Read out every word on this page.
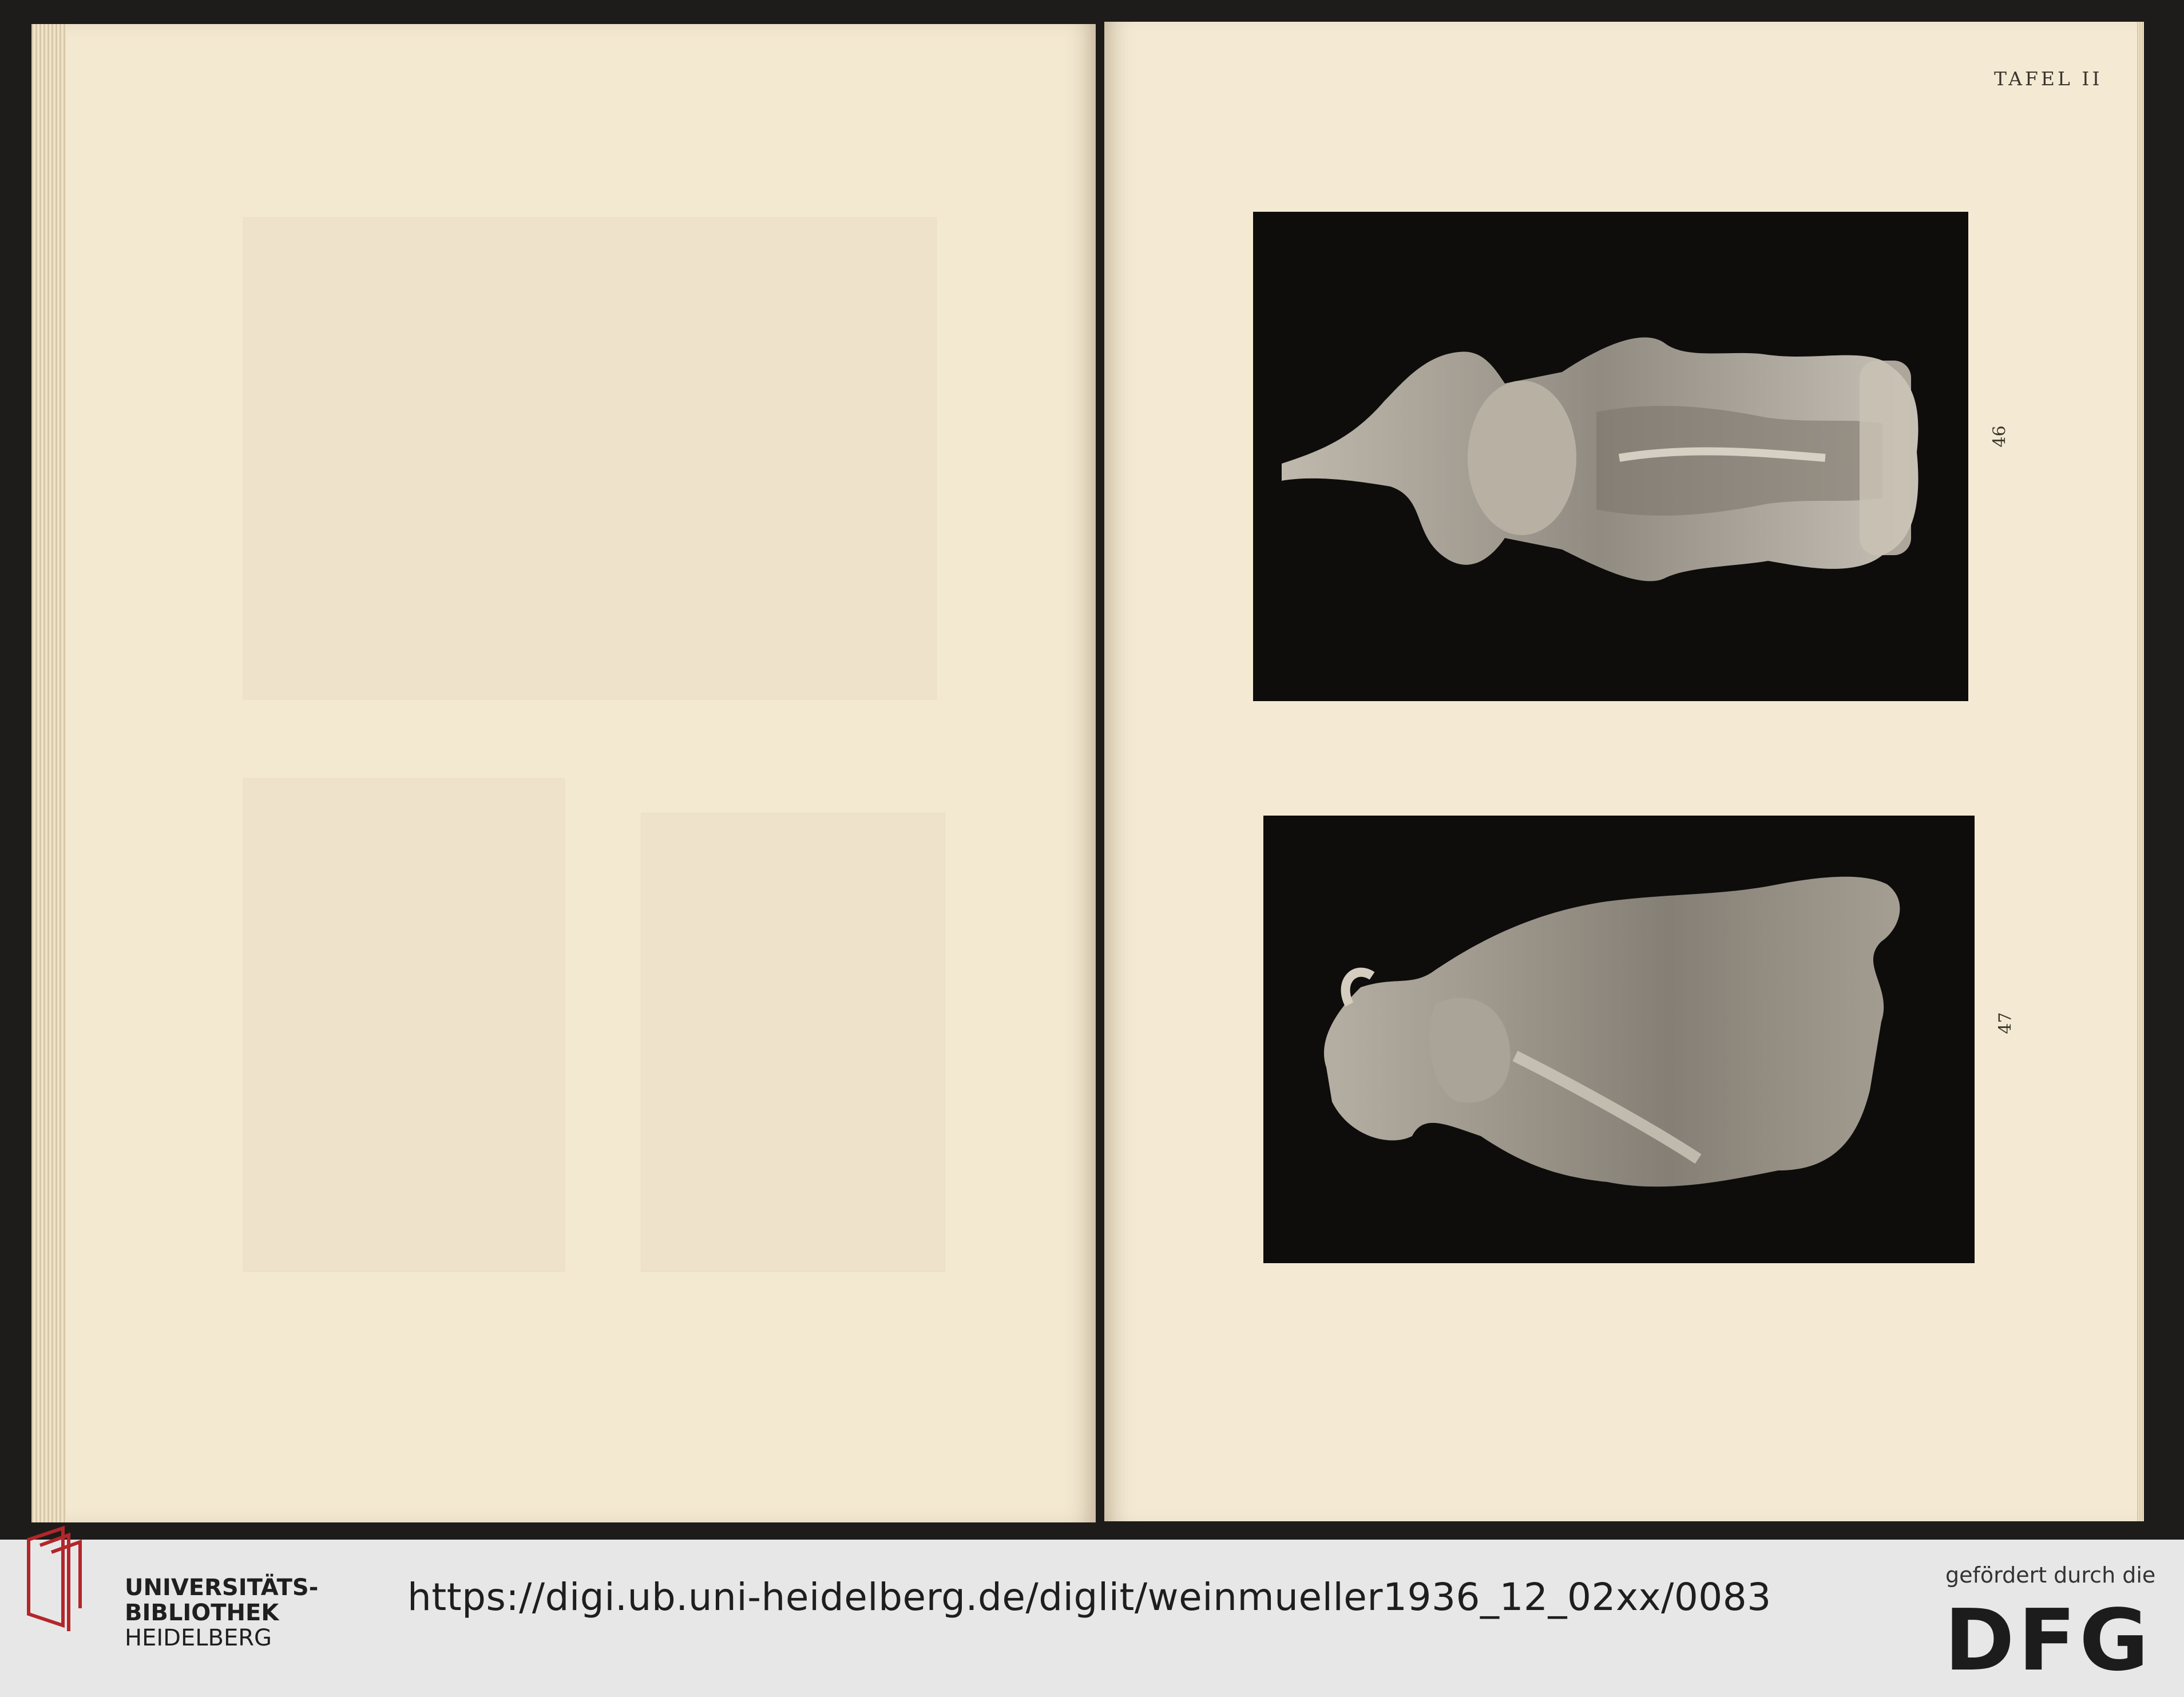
TAFEL II
46
47
UNIVERSITÄTS-
BIBLIOTHEK
HEIDELBERG
https://digi.ub.uni-heidelberg.de/diglit/weinmueller1936_12_02xx/0083	gefördert durch die
DFG
